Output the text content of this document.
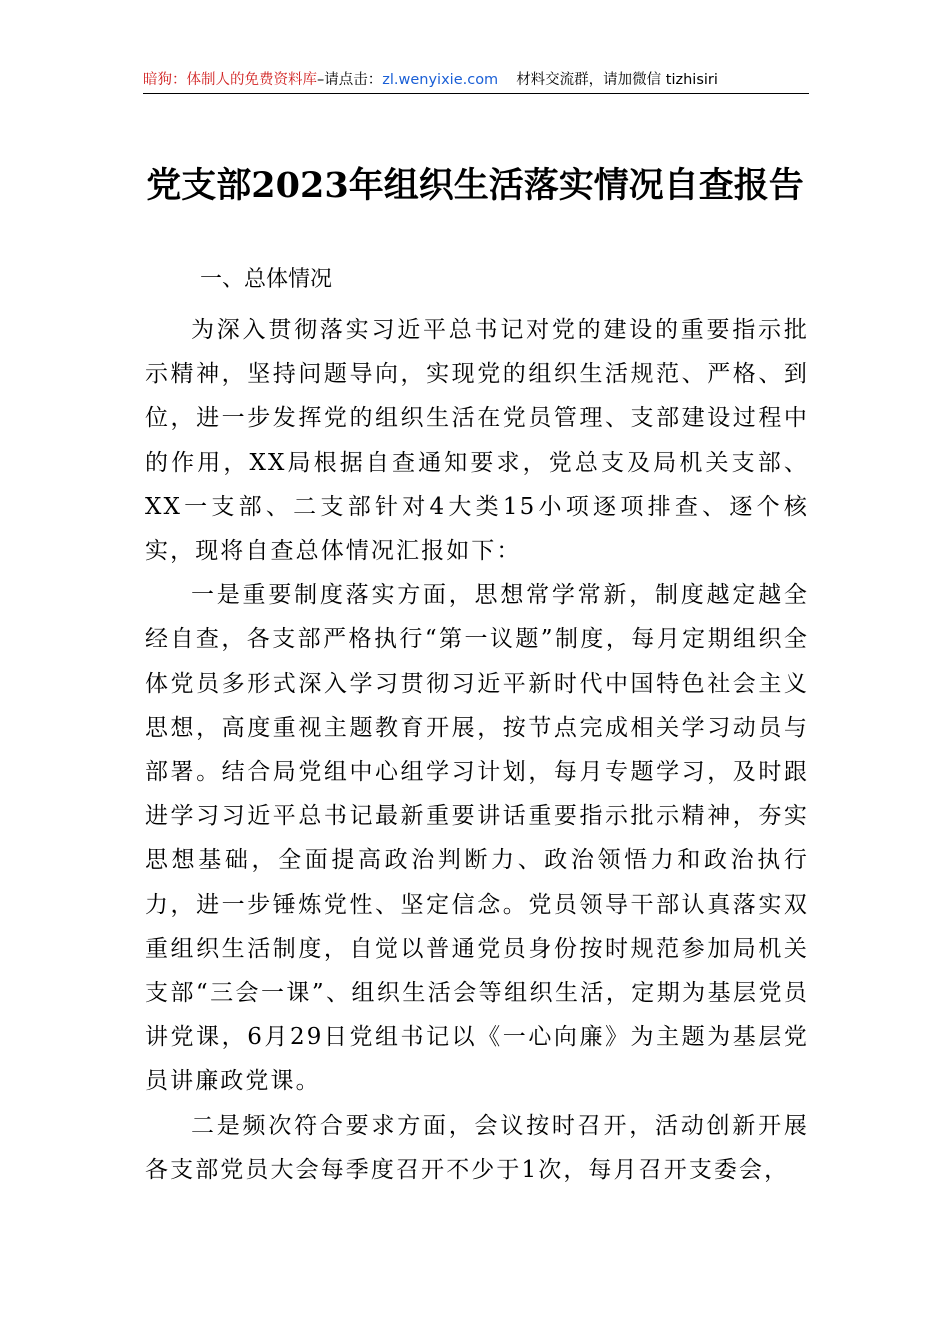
暗狗：体制人的免费资料库–请点击：zl.wenyixie.com 材料交流群，请加微信 tizhisiri
党支部2023年组织生活落实情况自查报告
一、总体情况

为深入贯彻落实习近平总书记对党的建设的重要指示批示精神，坚持问题导向，实现党的组织生活规范、严格、到位，进一步发挥党的组织生活在党员管理、支部建设过程中的作用，XX局根据自查通知要求，党总支及局机关支部、XX一支部、二支部针对4大类15小项逐项排查、逐个核实，现将自查总体情况汇报如下：

一是重要制度落实方面，思想常学常新，制度越定越全经自查，各支部严格执行“第一议题”制度，每月定期组织全体党员多形式深入学习贯彻习近平新时代中国特色社会主义思想，高度重视主题教育开展，按节点完成相关学习动员与部署。结合局党组中心组学习计划，每月专题学习，及时跟进学习习近平总书记最新重要讲话重要指示批示精神，夯实思想基础，全面提高政治判断力、政治领悟力和政治执行力，进一步锤炼党性、坚定信念。党员领导干部认真落实双重组织生活制度，自觉以普通党员身份按时规范参加局机关支部“三会一课”、组织生活会等组织生活，定期为基层党员讲党课，6月29日党组书记以《一心向廉》为主题为基层党员讲廉政党课。

二是频次符合要求方面，会议按时召开，活动创新开展各支部党员大会每季度召开不少于1次，每月召开支委会，
